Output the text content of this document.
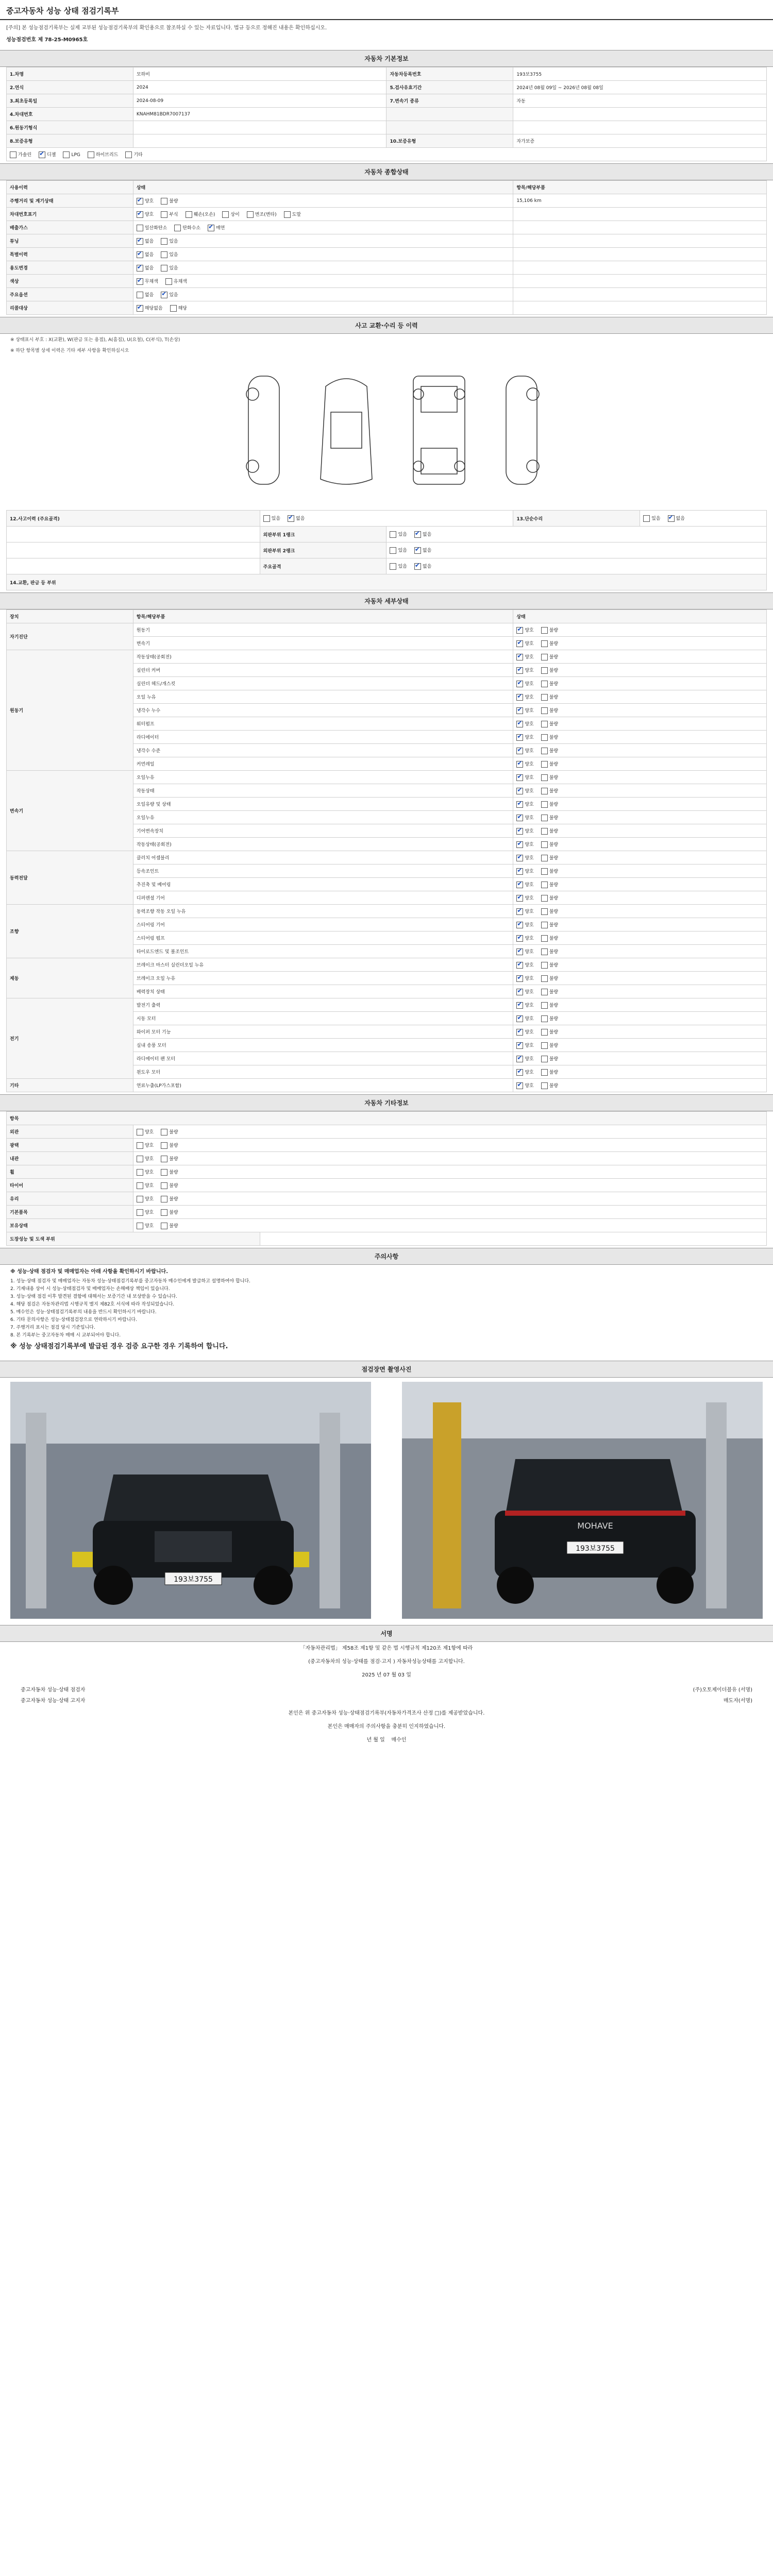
중고자동차 성능 상태 점검기록부
[주의] 본 성능점검기록부는 실제 교부된 성능점검기록부의 확인용으로 참조하실 수 있는 자료입니다. 법규 등으로 정해진 내용은 확인하십시오.
성능점검번호 제 78-25-M0965호
자동차 기본정보
1.차명	모하비	자동차등록번호	193보3755
2.연식	2024	5.검사유효기간	2024년 08월 09일 ~ 2026년 08월 08일
3.최초등록일	2024-08-09	7.변속기 종류	자동
4.차대번호	KNAHM81BDR7007137		
6.원동기형식			
8.보증유형		10.보증유형	자가보증
가솔린 ✔ 디젤 LPG 하이브리드 기타
자동차 종합상태
사용이력	상태	항목/해당부품
주행거리 및 계기상태	✔양호 불량	15,106 km
차대번호표기	✔양호 부식 훼손(오손) 상이 변조(변타) 도말	
배출가스	일산화탄소 탄화수소 ✔ 매연	
튜닝	✔없음 있음	
특별이력	✔없음 있음	
용도변경	✔없음 있음	
색상	✔무채색 유채색	
주요옵션	없음 ✔ 있음	
리콜대상	✔해당없음 해당	
사고 교환·수리 등 이력
※ 상태표시 부호 : X(교환), W(판금 또는 용접), A(흠집), U(요철), C(부식), T(손상)
※ 하단 항목별 상세 이력은 기타 세부 사항을 확인하십시오
12.사고이력 (주요골격)	있음 ✔ 없음		13.단순수리	있음 ✔ 없음
	외판부위 1랭크	있음 ✔ 없음
	외판부위 2랭크	있음 ✔ 없음
	주요골격	있음 ✔ 없음
14.교환, 판금 등 부위				
자동차 세부상태
장치	항목/해당부품	상태
자기진단	원동기	✔양호 불량
	변속기	✔양호 불량
원동기	작동상태(공회전)	✔양호 불량
	실린더 커버	✔양호 불량
	실린더 헤드/개스킷	✔양호 불량
	오일 누유	✔양호 불량
	냉각수 누수	✔양호 불량
	워터펌프	✔양호 불량
	라디에이터	✔양호 불량
	냉각수 수준	✔양호 불량
	커먼레일	✔양호 불량
변속기	오일누유	✔양호 불량
	작동상태	✔양호 불량
	오일유량 및 상태	✔양호 불량
	오일누유	✔양호 불량
	기어변속장치	✔양호 불량
	작동상태(공회전)	✔양호 불량
동력전달	클러치 어셈블리	✔양호 불량
	등속조인트	✔양호 불량
	추진축 및 베어링	✔양호 불량
	디퍼렌셜 기어	✔양호 불량
조향	동력조향 작동 오일 누유	✔양호 불량
	스티어링 기어	✔양호 불량
	스티어링 펌프	✔양호 불량
	타이로드엔드 및 볼조인트	✔양호 불량
제동	브레이크 마스터 실린더오일 누유	✔양호 불량
	브레이크 오일 누유	✔양호 불량
	배력장치 상태	✔양호 불량
전기	발전기 출력	✔양호 불량
	시동 모터	✔양호 불량
	와이퍼 모터 기능	✔양호 불량
	실내 송풍 모터	✔양호 불량
	라디에이터 팬 모터	✔양호 불량
	윈도우 모터	✔양호 불량
기타	연료누출(LP가스포함)	✔양호 불량
자동차 기타정보
항목		
외관	양호 불량	
광택	양호 불량	
내관	양호 불량	
휠	양호 불량	
타이어	양호 불량	
유리	양호 불량	
기본품목	양호 불량	
보유상태	양호 불량	
도장성능 및 도색 부위		
주의사항
※ 성능·상태 점검자 및 매매업자는 아래 사항을 확인하시기 바랍니다.
1. 성능·상태 점검자 및 매매업자는 자동차 성능·상태점검기록부를 중고자동차 매수인에게 발급하고 설명하여야 합니다.
2. 기재내용 상이 시 성능·상태점검자 및 매매업자는 손해배상 책임이 있습니다.
3. 성능·상태 점검 이후 발견된 결함에 대해서는 보증기간 내 보상받을 수 있습니다.
4. 해당 점검은 자동차관리법 시행규칙 별지 제82호 서식에 따라 작성되었습니다.
5. 매수인은 성능·상태점검기록부의 내용을 반드시 확인하시기 바랍니다.
6. 기타 문의사항은 성능·상태점검장으로 연락하시기 바랍니다.
7. 주행거리 표시는 점검 당시 기준입니다.
8. 본 기록부는 중고자동차 매매 시 교부되어야 합니다.
※ 성능 상태점검기록부에 발급된 경우 검증 요구한 경우 기록하여 합니다.
점검장면 촬영사진
193보3755
MOHAVE
193보3755
서명
「자동차관리법」 제58조 제1항 및 같은 법 시행규칙 제120조 제1항에 따라
(중고자동차의 성능·상태를 점검·고지 ) 자동차성능상태를 고지합니다.
2025 년 07 월 03 일
중고자동차 성능·상태 점검자	(주)오토제이더블유 (서명)
중고자동차 성능·상태 고지자	매도자(서명)
본인은 위 중고자동차 성능·상태점검기록부(자동차가격조사 산정 □)를 제공받았습니다.
본인은 매매자의 주의사항을 충분히 인지하였습니다.
년 월 일 매수인
